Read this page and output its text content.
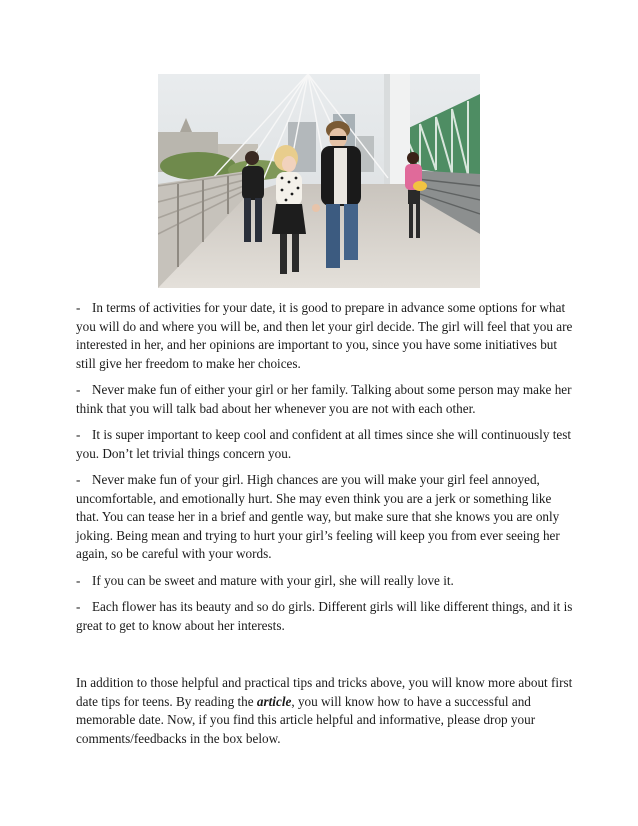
- In terms of activities for your date, it is good to prepare in advance some options for what you will do and where you will be, and then let your girl decide. The girl will feel that you are interested in her, and her opinions are important to you, since you have some initiatives but still give her freedom to make her choices.

- Never make fun of either your girl or her family. Talking about some person may make her think that you will talk bad about her whenever you are not with each other.

- It is super important to keep cool and confident at all times since she will continuously test you. Don’t let trivial things concern you.

- Never make fun of your girl. High chances are you will make your girl feel annoyed, uncomfortable, and emotionally hurt. She may even think you are a jerk or something like that. You can tease her in a brief and gentle way, but make sure that she knows you are only joking. Being mean and trying to hurt your girl’s feeling will keep you from ever seeing her again, so be careful with your words.

- If you can be sweet and mature with your girl, she will really love it.

- Each flower has its beauty and so do girls. Different girls will like different things, and it is great to get to know about her interests.

In addition to those helpful and practical tips and tricks above, you will know more about first date tips for teens. By reading the article, you will know how to have a successful and memorable date. Now, if you find this article helpful and informative, please drop your comments/feedbacks in the box below.
